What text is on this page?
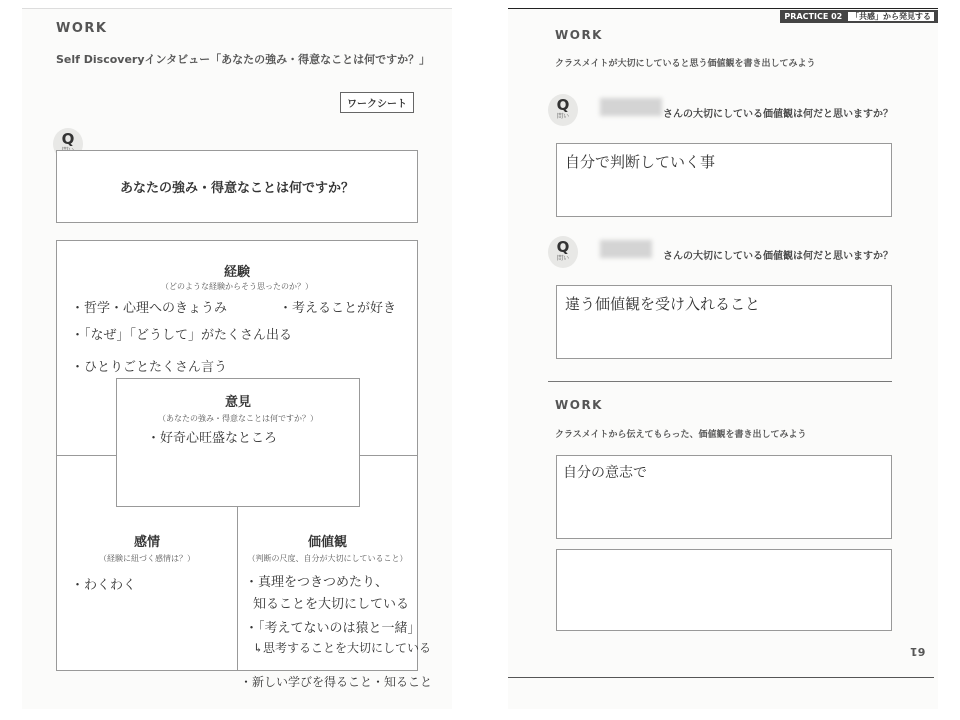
WORK
Self Discoveryインタビュー「あなたの強み・得意なことは何ですか？」
ワークシート
Q
あなたの強み・得意なことは何ですか？
経験
（どのような経験からそう思ったのか？）
・哲学・心理へのきょうみ
・「なぜ」「どうして」がたくさん出る
・ひとりごとたくさん言う
・考えることが好き
意見
（あなたの強み・得意なことは何ですか？）
・好奇心旺盛なところ
感情
（経験に紐づく感情は？）
・わくわく
価値観
（判断の尺度、自分が大切にしていること）
・真理をつきつめたり、
知ることを大切にしている
・「考えてないのは猿と一緒」
↳思考することを大切にしている
・新しい学びを得ること・知ること
PRACTICE 02 「共感」から発見する
WORK
クラスメイトが大切にしていると思う価値観を書き出してみよう
Q
問い	さんの大切にしている価値観は何だと思いますか？
自分で判断していく事
Q
問い	さんの大切にしている価値観は何だと思いますか？
違う価値観を受け入れること
WORK
クラスメイトから伝えてもらった、価値観を書き出してみよう
自分の意志で
61
